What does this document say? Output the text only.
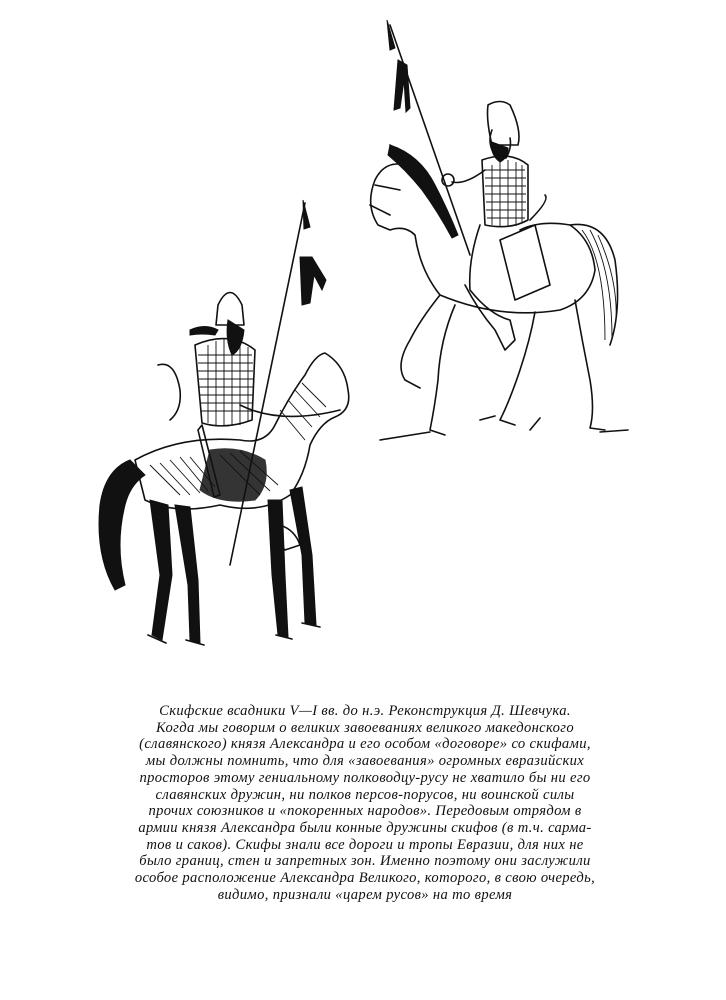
Скифские всадники V—I вв. до н.э. Реконструкция Д. Шевчука.
Когда мы говорим о великих завоеваниях великого македонского
(славянского) князя Александра и его особом «договоре» со скифами,
мы должны помнить, что для «завоевания» огромных евразийских
просторов этому гениальному полководцу-русу не хватило бы ни его
славянских дружин, ни полков персов-порусов, ни воинской силы
прочих союзников и «покоренных народов». Передовым отрядом в
армии князя Александра были конные дружины скифов (в т.ч. сарма-
тов и саков). Скифы знали все дороги и тропы Евразии, для них не
было границ, стен и запретных зон. Именно поэтому они заслужили
особое расположение Александра Великого, которого, в свою очередь,
видимо, признали «царем русов» на то время
